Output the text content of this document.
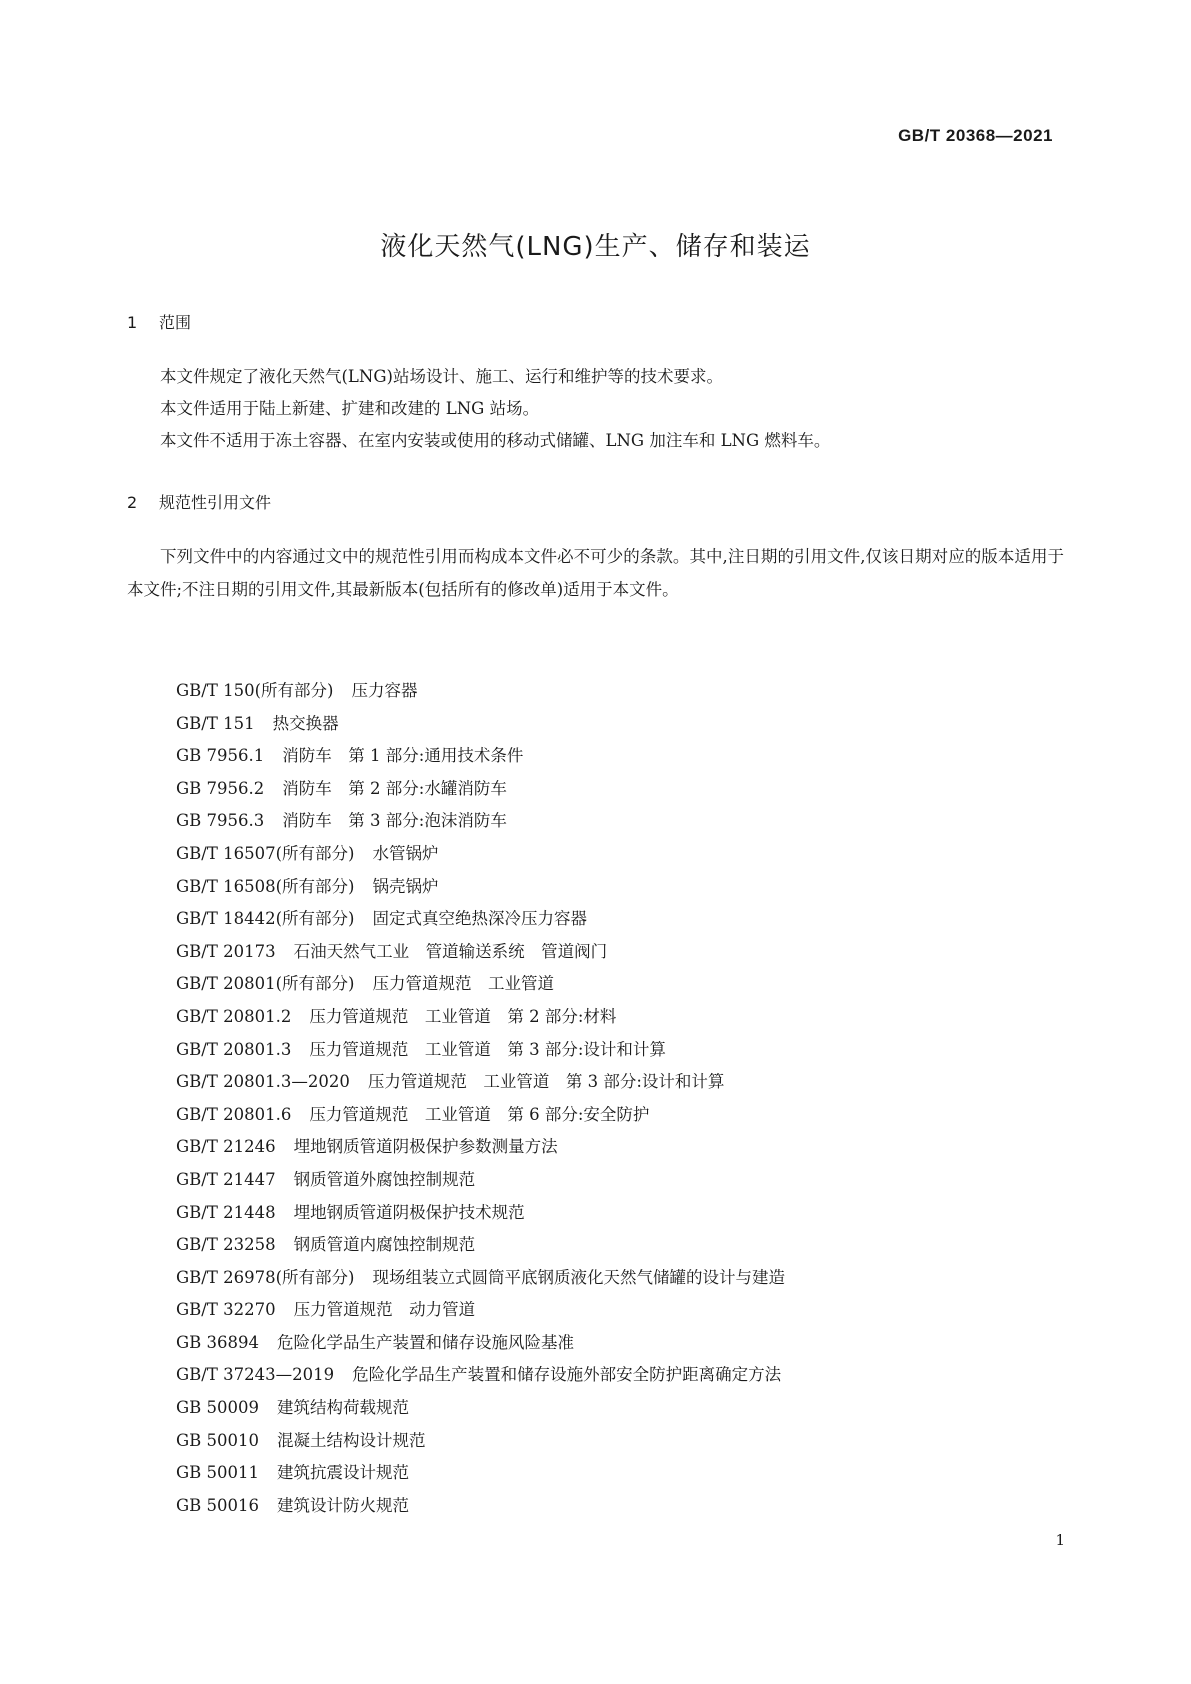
GB/T 20368—2021
液化天然气(LNG)生产、储存和装运
1 范围

本文件规定了液化天然气(LNG)站场设计、施工、运行和维护等的技术要求。

本文件适用于陆上新建、扩建和改建的 LNG 站场。

本文件不适用于冻土容器、在室内安装或使用的移动式储罐、LNG 加注车和 LNG 燃料车。

2 规范性引用文件

下列文件中的内容通过文中的规范性引用而构成本文件必不可少的条款。其中,注日期的引用文件,仅该日期对应的版本适用于本文件;不注日期的引用文件,其最新版本(包括所有的修改单)适用于本文件。

GB/T 150(所有部分) 压力容器
GB/T 151 热交换器
GB 7956.1 消防车　第 1 部分:通用技术条件
GB 7956.2 消防车　第 2 部分:水罐消防车
GB 7956.3 消防车　第 3 部分:泡沫消防车
GB/T 16507(所有部分) 水管锅炉
GB/T 16508(所有部分) 锅壳锅炉
GB/T 18442(所有部分) 固定式真空绝热深冷压力容器
GB/T 20173 石油天然气工业　管道输送系统　管道阀门
GB/T 20801(所有部分) 压力管道规范　工业管道
GB/T 20801.2 压力管道规范　工业管道　第 2 部分:材料
GB/T 20801.3 压力管道规范　工业管道　第 3 部分:设计和计算
GB/T 20801.3—2020 压力管道规范　工业管道　第 3 部分:设计和计算
GB/T 20801.6 压力管道规范　工业管道　第 6 部分:安全防护
GB/T 21246 埋地钢质管道阴极保护参数测量方法
GB/T 21447 钢质管道外腐蚀控制规范
GB/T 21448 埋地钢质管道阴极保护技术规范
GB/T 23258 钢质管道内腐蚀控制规范
GB/T 26978(所有部分) 现场组装立式圆筒平底钢质液化天然气储罐的设计与建造
GB/T 32270 压力管道规范　动力管道
GB 36894 危险化学品生产装置和储存设施风险基准
GB/T 37243—2019 危险化学品生产装置和储存设施外部安全防护距离确定方法
GB 50009 建筑结构荷载规范
GB 50010 混凝土结构设计规范
GB 50011 建筑抗震设计规范
GB 50016 建筑设计防火规范
1
